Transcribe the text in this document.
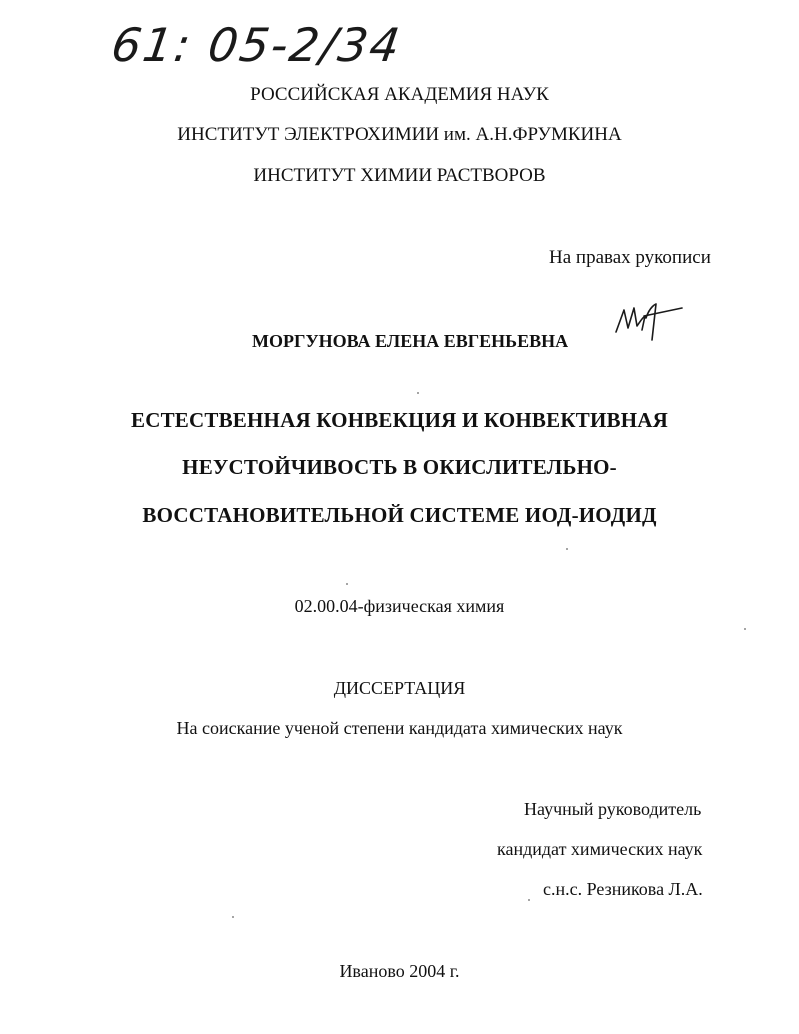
61: 05-2/34
РОССИЙСКАЯ АКАДЕМИЯ НАУК
ИНСТИТУТ ЭЛЕКТРОХИМИИ им. А.Н.ФРУМКИНА
ИНСТИТУТ ХИМИИ РАСТВОРОВ
На правах рукописи
МОРГУНОВА ЕЛЕНА ЕВГЕНЬЕВНА
ЕСТЕСТВЕННАЯ КОНВЕКЦИЯ И КОНВЕКТИВНАЯ
НЕУСТОЙЧИВОСТЬ В ОКИСЛИТЕЛЬНО-
ВОССТАНОВИТЕЛЬНОЙ СИСТЕМЕ ИОД-ИОДИД
02.00.04-физическая химия
ДИССЕРТАЦИЯ
На соискание ученой степени кандидата химических наук
Научный руководитель
кандидат химических наук
с.н.с. Резникова Л.А.
Иваново 2004 г.
